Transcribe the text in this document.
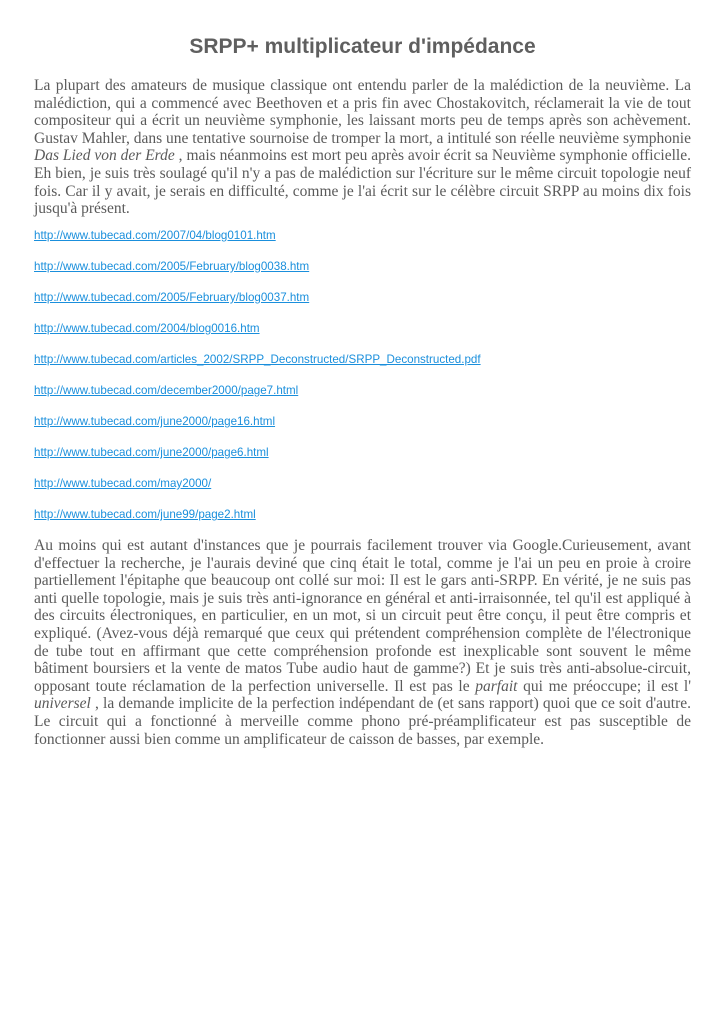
SRPP+ multiplicateur d'impédance

La plupart des amateurs de musique classique ont entendu parler de la malédiction de la neuvième. La malédiction, qui a commencé avec Beethoven et a pris fin avec Chostakovitch, réclamerait la vie de tout compositeur qui a écrit un neuvième symphonie, les laissant morts peu de temps après son achèvement. Gustav Mahler, dans une tentative sournoise de tromper la mort, a intitulé son réelle neuvième symphonie Das Lied von der Erde , mais néanmoins est mort peu après avoir écrit sa Neuvième symphonie officielle. Eh bien, je suis très soulagé qu'il n'y a pas de malédiction sur l'écriture sur le même circuit topologie neuf fois. Car il y avait, je serais en difficulté, comme je l'ai écrit sur le célèbre circuit SRPP au moins dix fois jusqu'à présent.

http://www.tubecad.com/2007/04/blog0101.htm
http://www.tubecad.com/2005/February/blog0038.htm
http://www.tubecad.com/2005/February/blog0037.htm
http://www.tubecad.com/2004/blog0016.htm
http://www.tubecad.com/articles_2002/SRPP_Deconstructed/SRPP_Deconstructed.pdf
http://www.tubecad.com/december2000/page7.html
http://www.tubecad.com/june2000/page16.html
http://www.tubecad.com/june2000/page6.html
http://www.tubecad.com/may2000/
http://www.tubecad.com/june99/page2.html

Au moins qui est autant d'instances que je pourrais facilement trouver via Google.Curieusement, avant d'effectuer la recherche, je l'aurais deviné que cinq était le total, comme je l'ai un peu en proie à croire partiellement l'épitaphe que beaucoup ont collé sur moi: Il est le gars anti-SRPP. En vérité, je ne suis pas anti quelle topologie, mais je suis très anti-ignorance en général et anti-irraisonnée, tel qu'il est appliqué à des circuits électroniques, en particulier, en un mot, si un circuit peut être conçu, il peut être compris et expliqué. (Avez-vous déjà remarqué que ceux qui prétendent compréhension complète de l'électronique de tube tout en affirmant que cette compréhension profonde est inexplicable sont souvent le même bâtiment boursiers et la vente de matos Tube audio haut de gamme?) Et je suis très anti-absolue-circuit, opposant toute réclamation de la perfection universelle. Il est pas le parfait qui me préoccupe; il est l' universel , la demande implicite de la perfection indépendant de (et sans rapport) quoi que ce soit d'autre. Le circuit qui a fonctionné à merveille comme phono pré-préamplificateur est pas susceptible de fonctionner aussi bien comme un amplificateur de caisson de basses, par exemple.
